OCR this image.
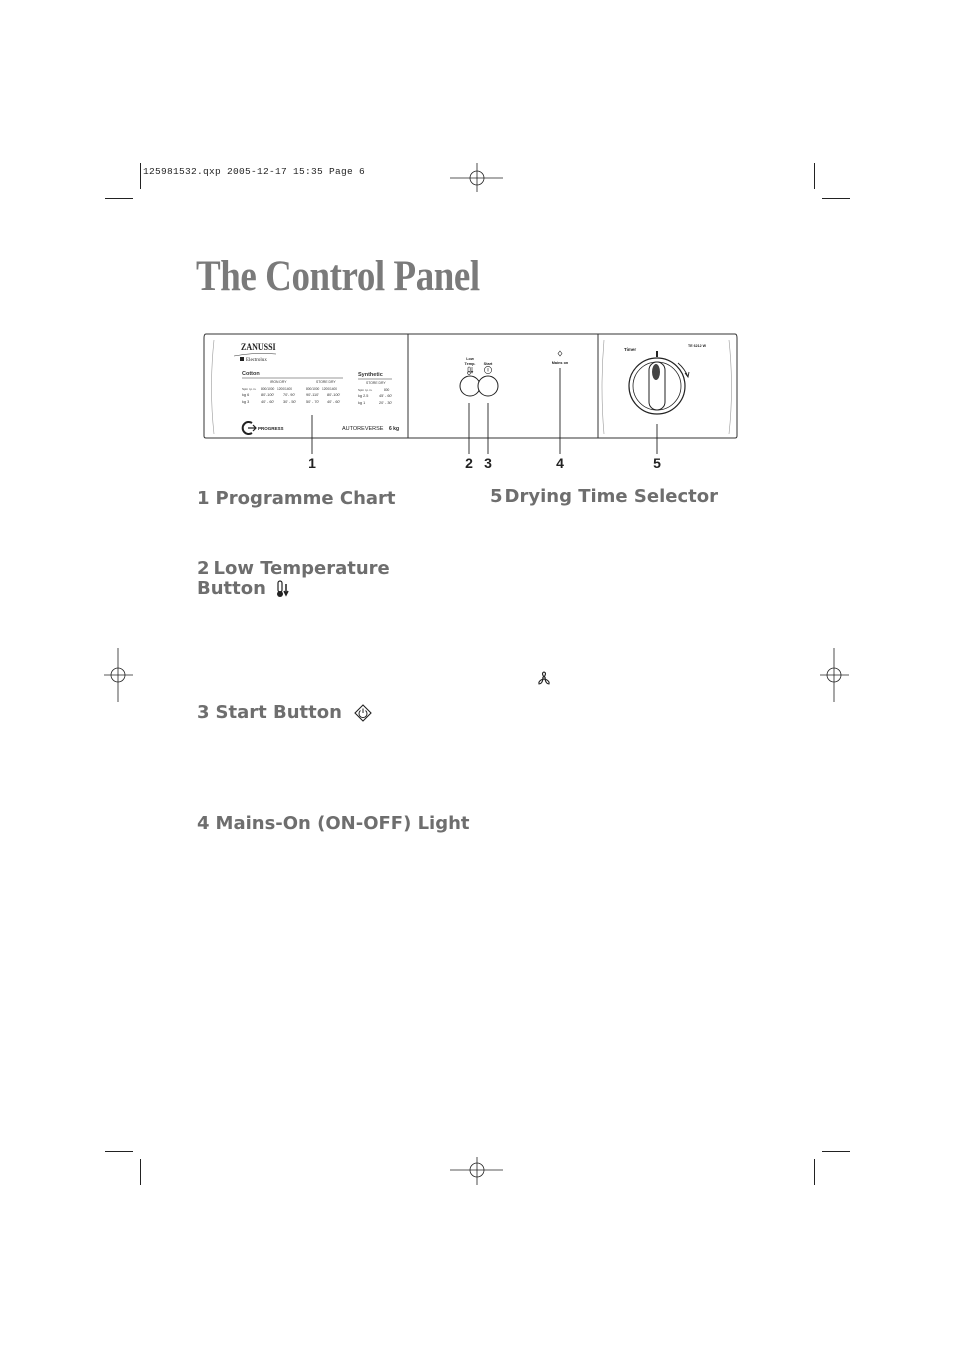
125981532.qxp 2005-12-17 15:35 Page 6
The Control Panel
ZANUSSI
Electrolux
Cotton
IRON DRY	STORE DRY
Spin r.p.m. 800/1000 1200/1400	800/1000 1200/1400
kg 6	80'-100' 70'- 90'	90'-110' 80'-100'
kg 3	40' - 60' 30' - 50'	50' - 70' 40' - 60'
Synthetic
STORE DRY
Spin r.p.m.	800
kg 2.5	45' - 60'
kg 1	20' - 30'
PROGRESS	AUTOREVERSE 6 kg
Low
Temp. Start	Mains on
Timer
TE 6212 W
1	2 3	4	5
1 Programme Chart	5 Drying Time Selector
2 Low Temperature
Button
3 Start Button
4 Mains-On (ON-OFF) Light
